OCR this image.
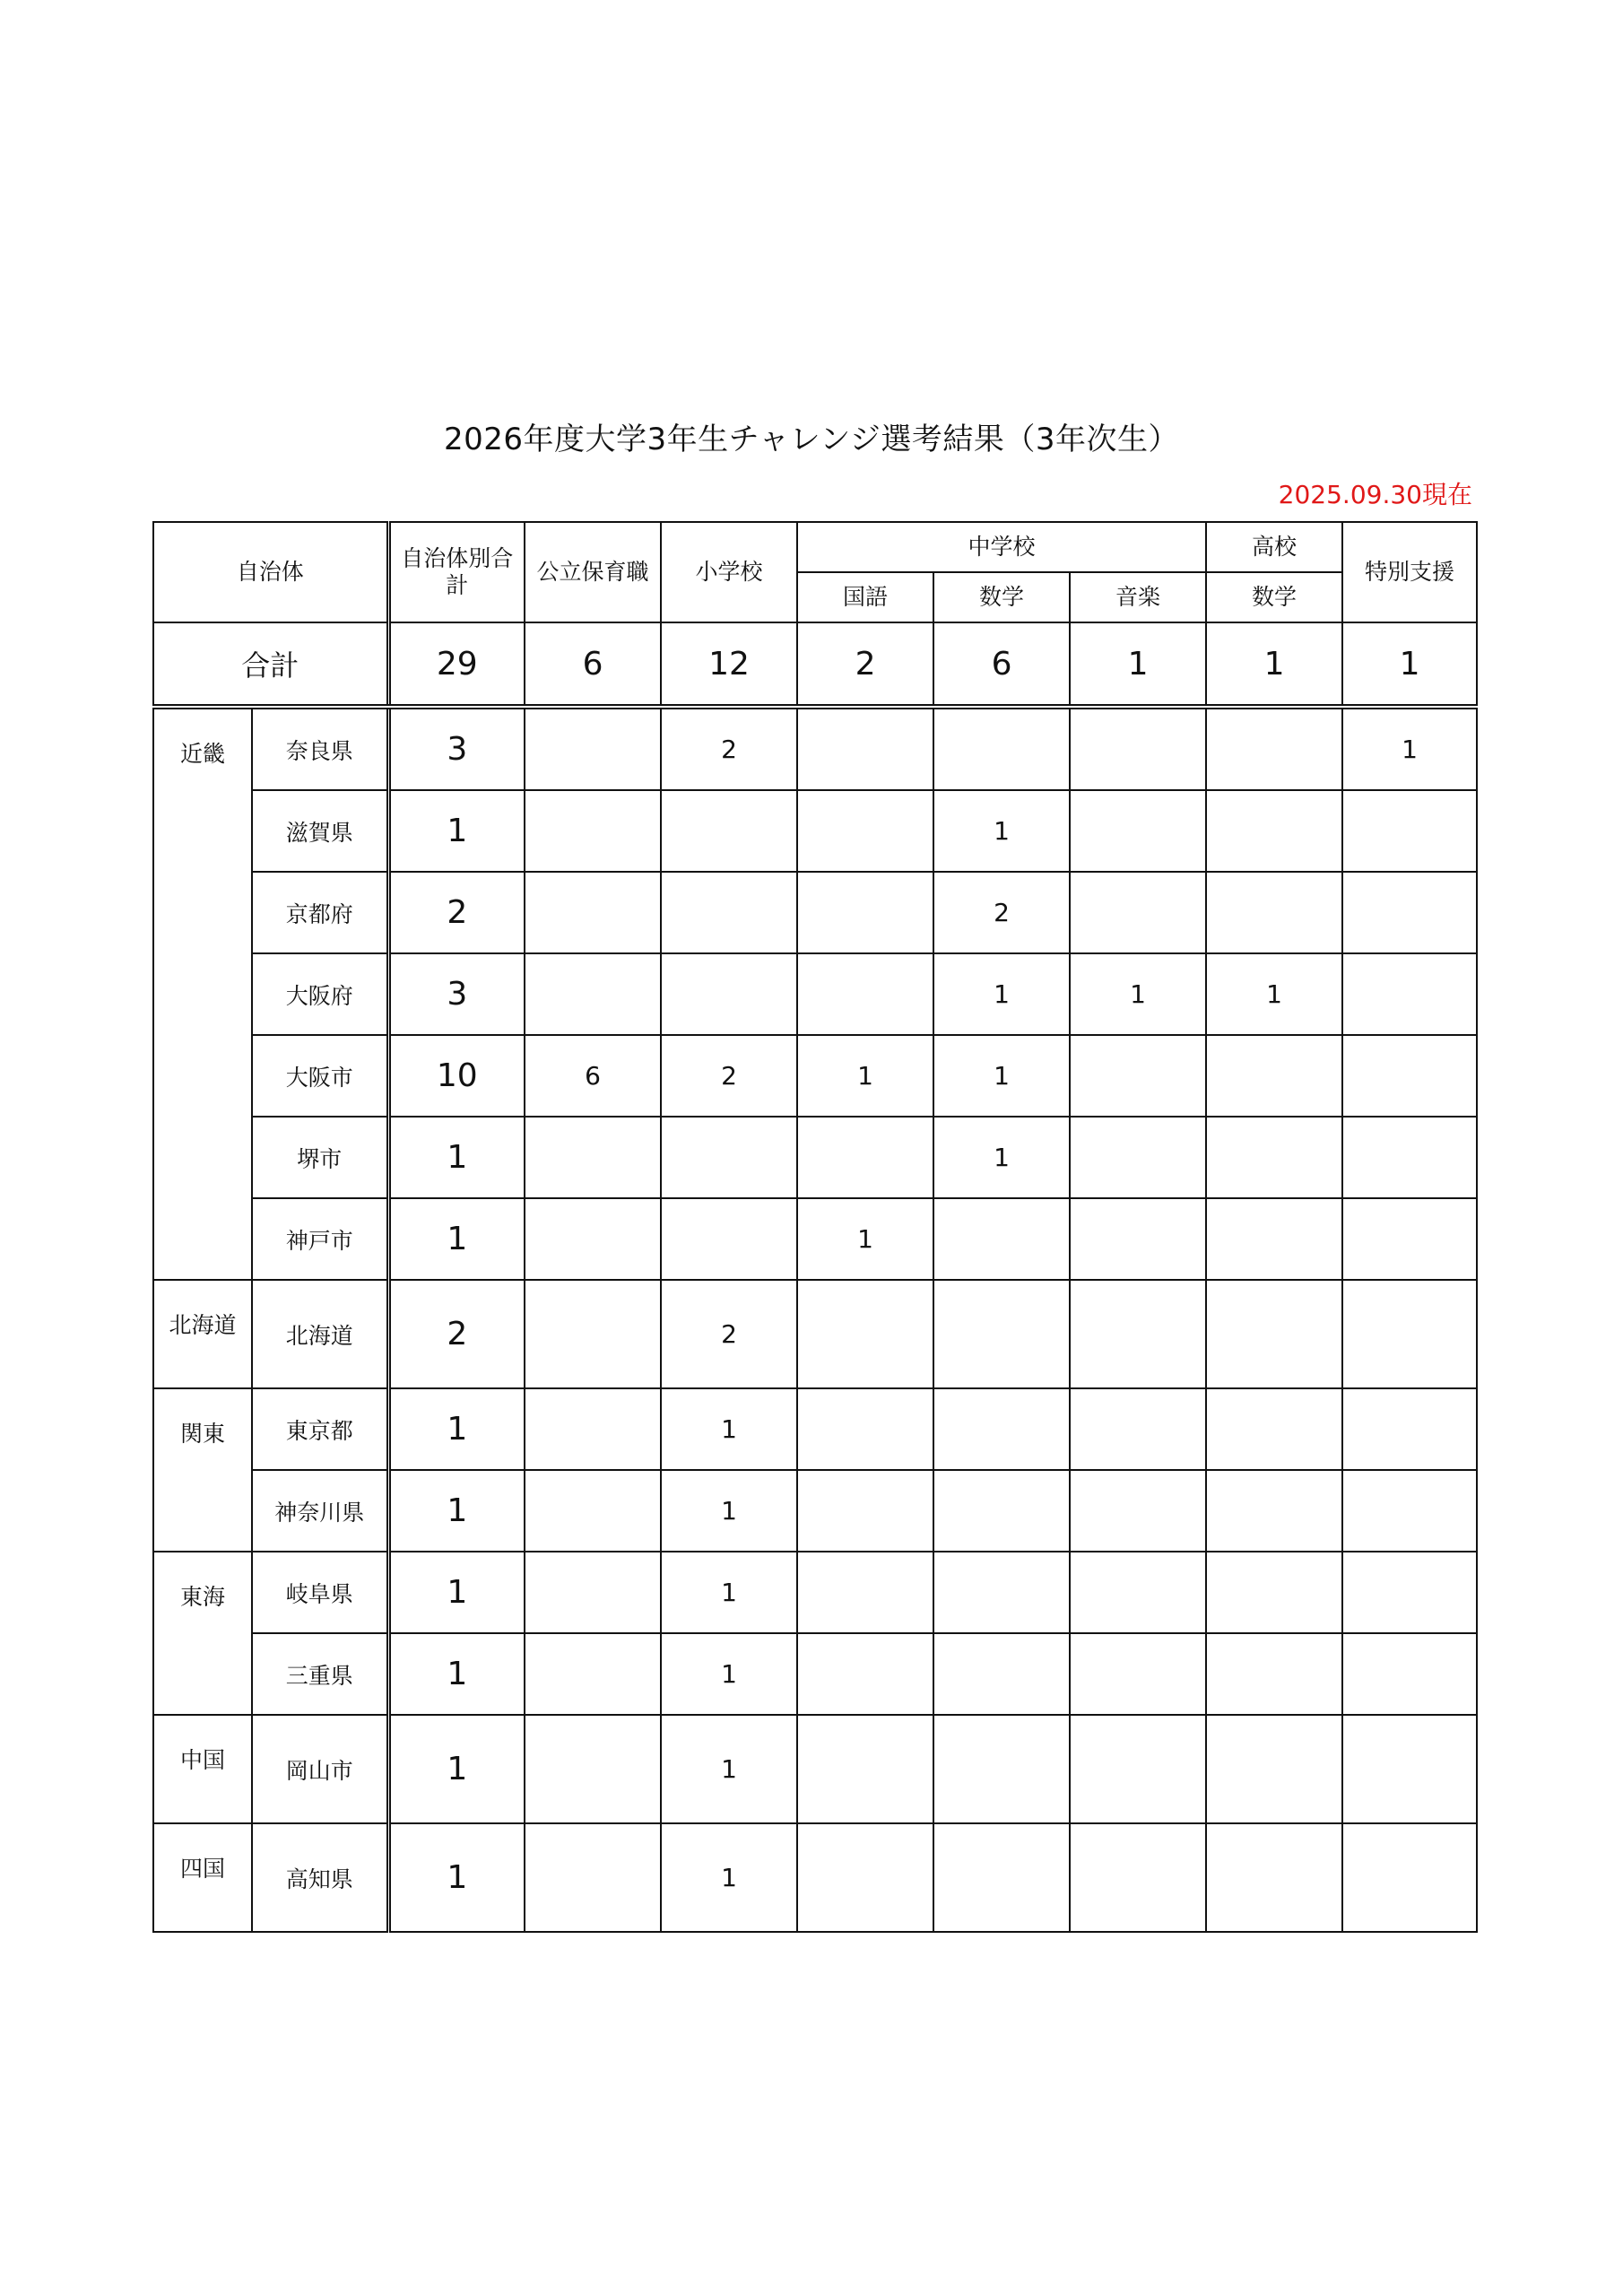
2026年度大学3年生チャレンジ選考結果（3年次生）
2025.09.30現在
自治体		自治体別合計	公立保育職	小学校	中学校			高校	特別支援
					国語	数学	音楽	数学	
合計		29	6	12	2	6	1	1	1
近畿	奈良県	3		2					1
	滋賀県	1				1			
	京都府	2				2			
	大阪府	3				1	1	1	
	大阪市	10	6	2	1	1			
	堺市	1				1			
	神戸市	1			1				
北海道	北海道	2		2					
関東	東京都	1		1					
	神奈川県	1		1					
東海	岐阜県	1		1					
	三重県	1		1					
中国	岡山市	1		1					
四国	高知県	1		1					
